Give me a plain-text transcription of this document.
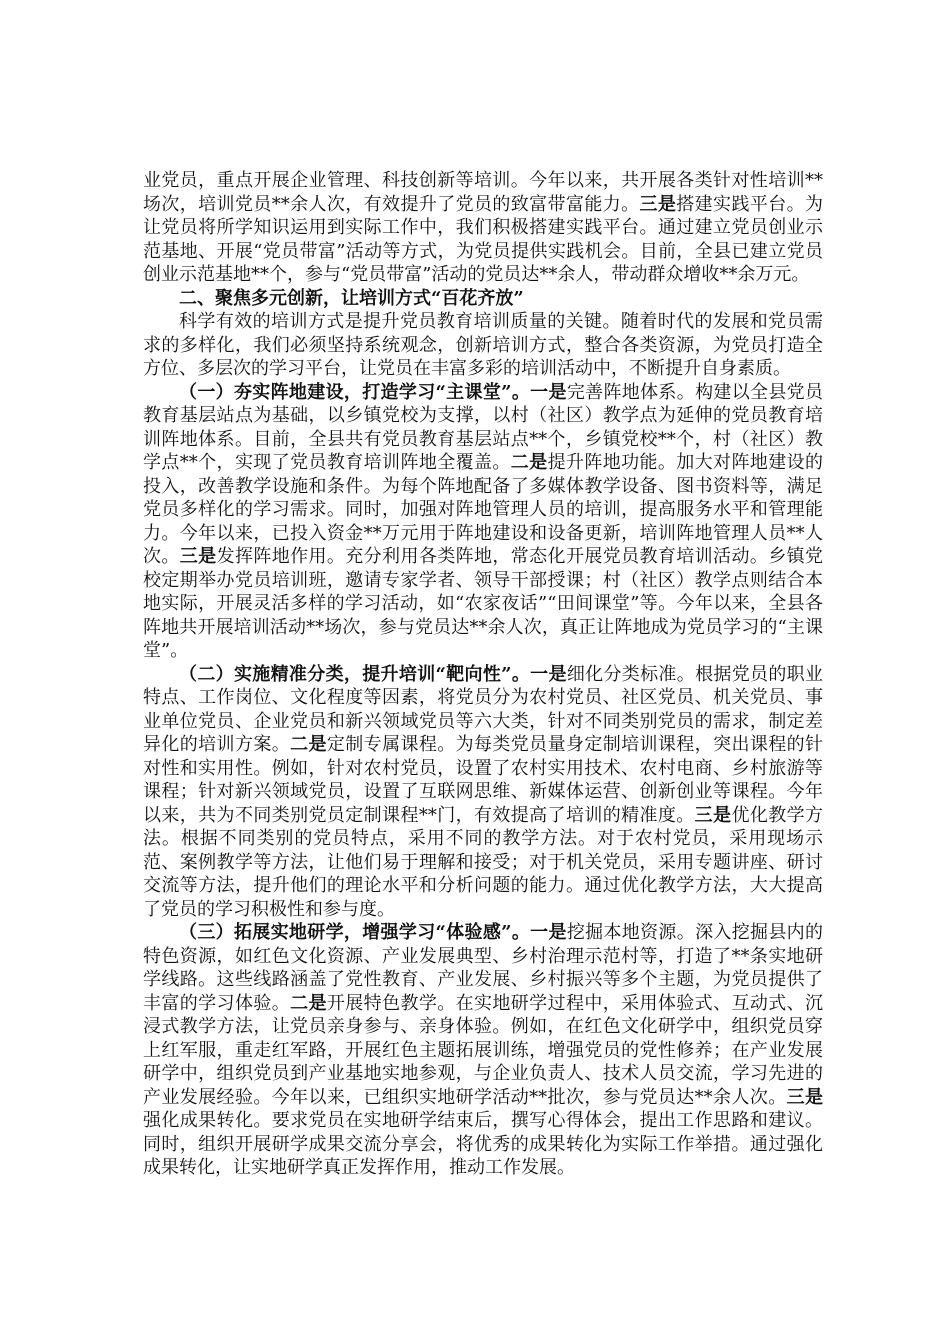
业党员，重点开展企业管理、科技创新等培训。今年以来，共开展各类针对性培训**场次，培训党员**余人次，有效提升了党员的致富带富能力。三是搭建实践平台。为让党员将所学知识运用到实际工作中，我们积极搭建实践平台。通过建立党员创业示范基地、开展“党员带富”活动等方式，为党员提供实践机会。目前，全县已建立党员创业示范基地**个，参与“党员带富”活动的党员达**余人，带动群众增收**余万元。

二、聚焦多元创新，让培训方式“百花齐放”

科学有效的培训方式是提升党员教育培训质量的关键。随着时代的发展和党员需求的多样化，我们必须坚持系统观念，创新培训方式，整合各类资源，为党员打造全方位、多层次的学习平台，让党员在丰富多彩的培训活动中，不断提升自身素质。

（一）夯实阵地建设，打造学习“主课堂”。一是完善阵地体系。构建以全县党员教育基层站点为基础，以乡镇党校为支撑，以村（社区）教学点为延伸的党员教育培训阵地体系。目前，全县共有党员教育基层站点**个，乡镇党校**个，村（社区）教学点**个，实现了党员教育培训阵地全覆盖。二是提升阵地功能。加大对阵地建设的投入，改善教学设施和条件。为每个阵地配备了多媒体教学设备、图书资料等，满足党员多样化的学习需求。同时，加强对阵地管理人员的培训，提高服务水平和管理能力。今年以来，已投入资金**万元用于阵地建设和设备更新，培训阵地管理人员**人次。三是发挥阵地作用。充分利用各类阵地，常态化开展党员教育培训活动。乡镇党校定期举办党员培训班，邀请专家学者、领导干部授课；村（社区）教学点则结合本地实际，开展灵活多样的学习活动，如“农家夜话”“田间课堂”等。今年以来，全县各阵地共开展培训活动**场次，参与党员达**余人次，真正让阵地成为党员学习的“主课堂”。

（二）实施精准分类，提升培训“靶向性”。一是细化分类标准。根据党员的职业特点、工作岗位、文化程度等因素，将党员分为农村党员、社区党员、机关党员、事业单位党员、企业党员和新兴领域党员等六大类，针对不同类别党员的需求，制定差异化的培训方案。二是定制专属课程。为每类党员量身定制培训课程，突出课程的针对性和实用性。例如，针对农村党员，设置了农村实用技术、农村电商、乡村旅游等课程；针对新兴领域党员，设置了互联网思维、新媒体运营、创新创业等课程。今年以来，共为不同类别党员定制课程**门，有效提高了培训的精准度。三是优化教学方法。根据不同类别的党员特点，采用不同的教学方法。对于农村党员，采用现场示范、案例教学等方法，让他们易于理解和接受；对于机关党员，采用专题讲座、研讨交流等方法，提升他们的理论水平和分析问题的能力。通过优化教学方法，大大提高了党员的学习积极性和参与度。

（三）拓展实地研学，增强学习“体验感”。一是挖掘本地资源。深入挖掘县内的特色资源，如红色文化资源、产业发展典型、乡村治理示范村等，打造了**条实地研学线路。这些线路涵盖了党性教育、产业发展、乡村振兴等多个主题，为党员提供了丰富的学习体验。二是开展特色教学。在实地研学过程中，采用体验式、互动式、沉浸式教学方法，让党员亲身参与、亲身体验。例如，在红色文化研学中，组织党员穿上红军服，重走红军路，开展红色主题拓展训练，增强党员的党性修养；在产业发展研学中，组织党员到产业基地实地参观，与企业负责人、技术人员交流，学习先进的产业发展经验。今年以来，已组织实地研学活动**批次，参与党员达**余人次。三是强化成果转化。要求党员在实地研学结束后，撰写心得体会，提出工作思路和建议。同时，组织开展研学成果交流分享会，将优秀的成果转化为实际工作举措。通过强化成果转化，让实地研学真正发挥作用，推动工作发展。
